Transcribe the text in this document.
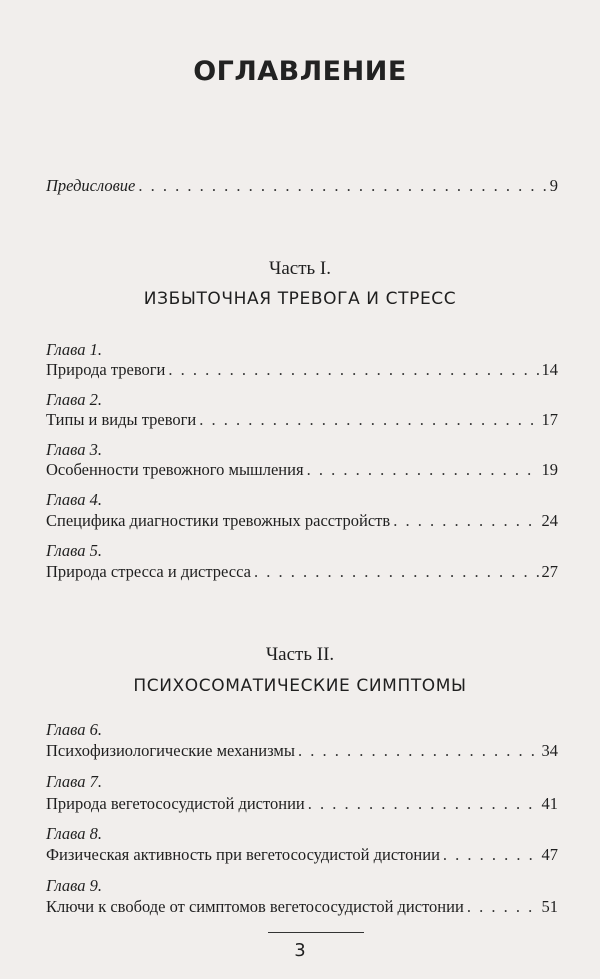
ОГЛАВЛЕНИЕ
Предисловие . . .	9
Часть I.
ИЗБЫТОЧНАЯ ТРЕВОГА И СТРЕСС
Глава 1.
Природа тревоги . . .	14
Глава 2.
Типы и виды тревоги . . .	17
Глава 3.
Особенности тревожного мышления . . .	19
Глава 4.
Специфика диагностики тревожных расстройств . . .	24
Глава 5.
Природа стресса и дистресса . . .	27
Часть II.
ПСИХОСОМАТИЧЕСКИЕ СИМПТОМЫ
Глава 6.
Психофизиологические механизмы . . .	34
Глава 7.
Природа вегетососудистой дистонии . . .	41
Глава 8.
Физическая активность при вегетососудистой дистонии . . .	47
Глава 9.
Ключи к свободе от симптомов вегетососудистой дистонии . . .	51
3
